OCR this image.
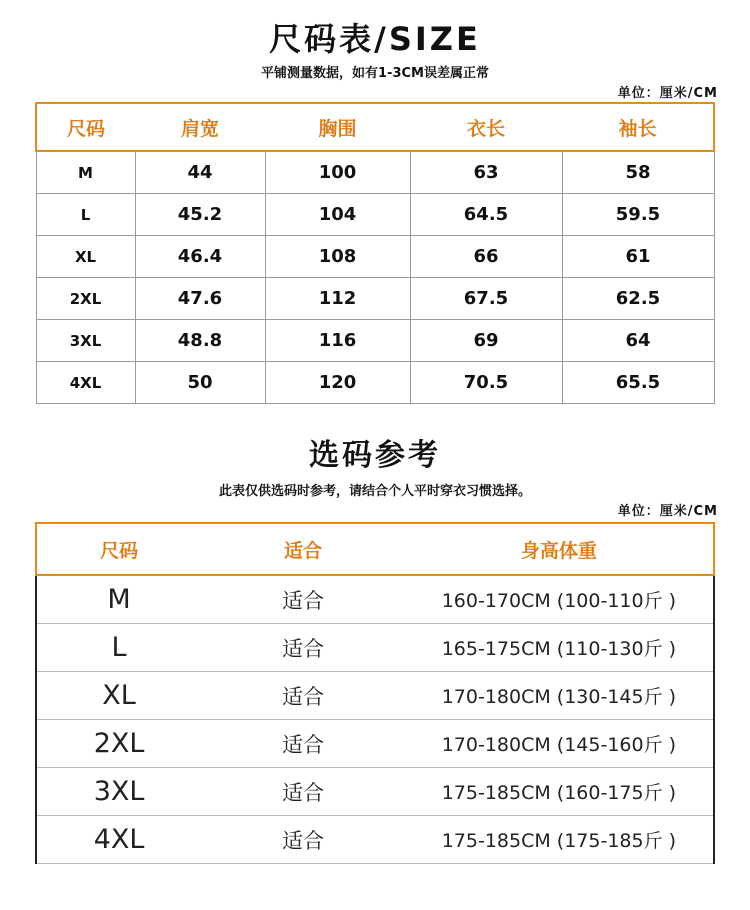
尺码表/SIZE
平铺测量数据，如有1-3CM误差属正常
单位：厘米/CM
尺码	肩宽	胸围	衣长	袖长
M	44	100	63	58
L	45.2	104	64.5	59.5
XL	46.4	108	66	61
2XL	47.6	112	67.5	62.5
3XL	48.8	116	69	64
4XL	50	120	70.5	65.5
选码参考
此表仅供选码时参考，请结合个人平时穿衣习惯选择。
单位：厘米/CM
尺码	适合	身高体重
M	适合	160-170CM (100-110斤 )
L	适合	165-175CM (110-130斤 )
XL	适合	170-180CM (130-145斤 )
2XL	适合	170-180CM (145-160斤 )
3XL	适合	175-185CM (160-175斤 )
4XL	适合	175-185CM (175-185斤 )
